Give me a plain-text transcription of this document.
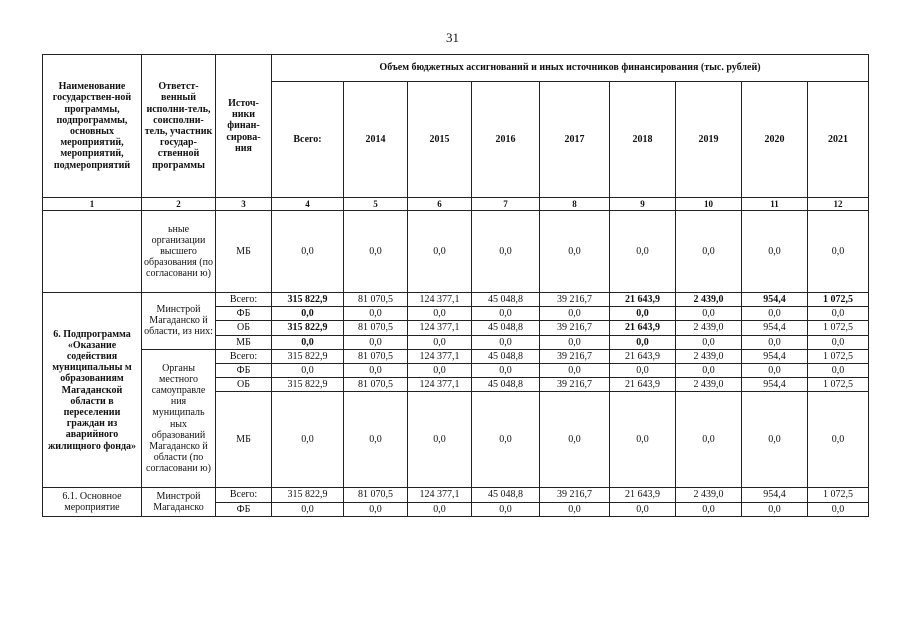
31
Наименование государствен-ной программы, подпрограммы, основных мероприятий, мероприятий, подмероприятий	Ответст-венный исполни-тель, соисполни-тель, участник государ-ственной программы	Источ-ники финан-сирова-ния	Объем бюджетных ассигнований и иных источников финансирования (тыс. рублей)								
			Всего:	2014	2015	2016	2017	2018	2019	2020	2021
1	2	3	4	5	6	7	8	9	10	11	12
	ьные организации высшего образования (по согласовани ю)	МБ	0,0	0,0	0,0	0,0	0,0	0,0	0,0	0,0	0,0
6. Подпрограмма «Оказание содействия муниципальны м образованиям Магаданской области в переселении граждан из аварийного жилищного фонда»	Минстрой Магаданско й области, из них:	Всего:	315 822,9	81 070,5	124 377,1	45 048,8	39 216,7	21 643,9	2 439,0	954,4	1 072,5
		ФБ	0,0	0,0	0,0	0,0	0,0	0,0	0,0	0,0	0,0
		ОБ	315 822,9	81 070,5	124 377,1	45 048,8	39 216,7	21 643,9	2 439,0	954,4	1 072,5
		МБ	0,0	0,0	0,0	0,0	0,0	0,0	0,0	0,0	0,0
	Органы местного самоуправле ния муниципаль ных образований Магаданско й области (по согласовани ю)	Всего:	315 822,9	81 070,5	124 377,1	45 048,8	39 216,7	21 643,9	2 439,0	954,4	1 072,5
		ФБ	0,0	0,0	0,0	0,0	0,0	0,0	0,0	0,0	0,0
		ОБ	315 822,9	81 070,5	124 377,1	45 048,8	39 216,7	21 643,9	2 439,0	954,4	1 072,5
		МБ	0,0	0,0	0,0	0,0	0,0	0,0	0,0	0,0	0,0
6.1. Основное мероприятие	Минстрой Магаданско	Всего:	315 822,9	81 070,5	124 377,1	45 048,8	39 216,7	21 643,9	2 439,0	954,4	1 072,5
		ФБ	0,0	0,0	0,0	0,0	0,0	0,0	0,0	0,0	0,0
